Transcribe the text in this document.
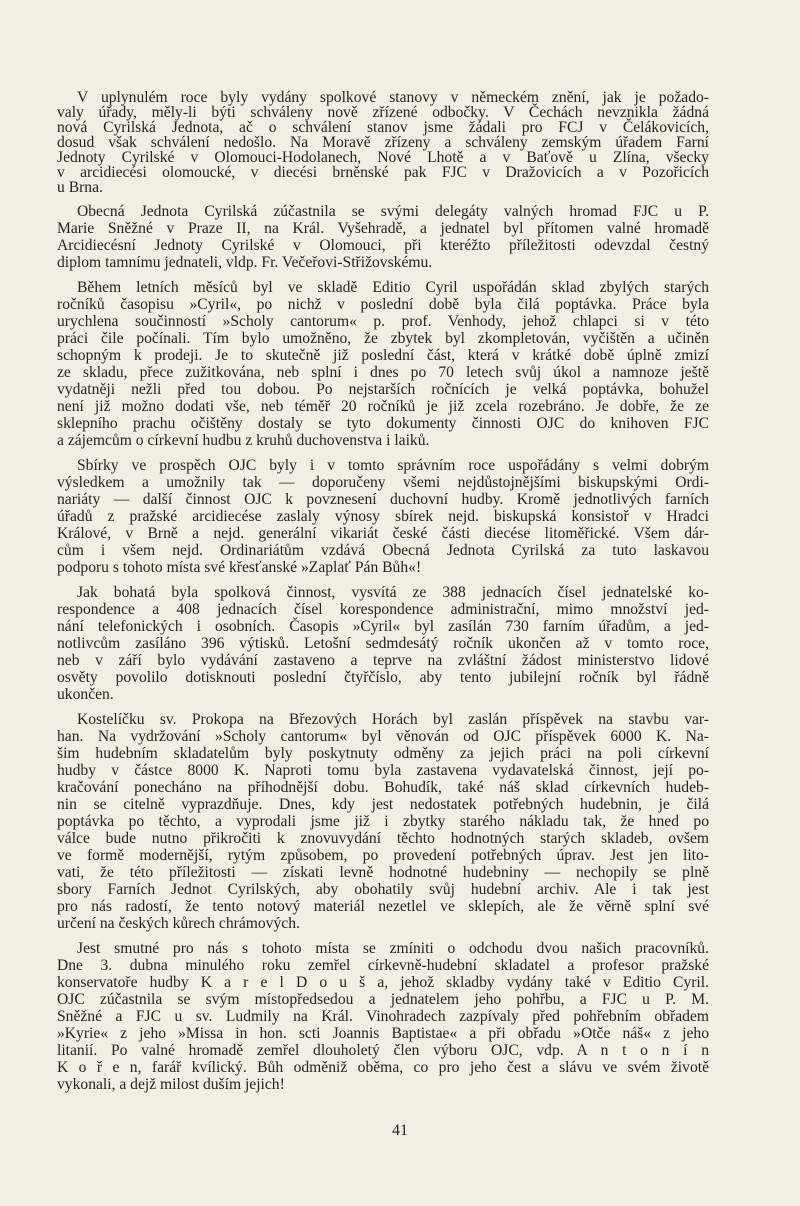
V uplynulém roce byly vydány spolkové stanovy v německém znění, jak je požado-
valy úřady, měly-li býti schváleny nově zřízené odbočky. V Čechách nevznikla žádná
nová Cyrilská Jednota, ač o schválení stanov jsme žádali pro FCJ v Čelákovicích,
dosud však schválení nedošlo. Na Moravě zřízeny a schváleny zemským úřadem Farní
Jednoty Cyrilské v Olomouci-Hodolanech, Nové Lhotě a v Baťově u Zlína, všecky
v arcidiecési olomoucké, v diecési brněnské pak FJC v Dražovicích a v Pozořicích
u Brna.
Obecná Jednota Cyrilská zúčastnila se svými delegáty valných hromad FJC u P.
Marie Sněžné v Praze II, na Král. Vyšehradě, a jednatel byl přítomen valné hromadě
Arcidiecésní Jednoty Cyrilské v Olomouci, při kteréžto příležitosti odevzdal čestný
diplom tamnímu jednateli, vldp. Fr. Večeřovi-Střižovskému.
Během letních měsíců byl ve skladě Editio Cyril uspořádán sklad zbylých starých
ročníků časopisu »Cyril«, po nichž v poslední době byla čilá poptávka. Práce byla
urychlena součinností »Scholy cantorum« p. prof. Venhody, jehož chlapci si v této
práci čile počínali. Tím bylo umožněno, že zbytek byl zkompletován, vyčištěn a učiněn
schopným k prodeji. Je to skutečně již poslední část, která v krátké době úplně zmizí
ze skladu, přece zužitkována, neb splní i dnes po 70 letech svůj úkol a namnoze ještě
vydatněji nežli před tou dobou. Po nejstarších ročnících je velká poptávka, bohužel
není již možno dodati vše, neb téměř 20 ročníků je již zcela rozebráno. Je dobře, že ze
sklepního prachu očištěny dostaly se tyto dokumenty činnosti OJC do knihoven FJC
a zájemcům o církevní hudbu z kruhů duchovenstva i laiků.
Sbírky ve prospěch OJC byly i v tomto správním roce uspořádány s velmi dobrým
výsledkem a umožnily tak — doporučeny všemi nejdůstojnějšími biskupskými Ordi-
nariáty — další činnost OJC k povznesení duchovní hudby. Kromě jednotlivých farních
úřadů z pražské arcidiecése zaslaly výnosy sbírek nejd. biskupská konsistoř v Hradci
Králové, v Brně a nejd. generální vikariát české části diecése litoměřické. Všem dár-
cům i všem nejd. Ordinariátům vzdává Obecná Jednota Cyrilská za tuto laskavou
podporu s tohoto místa své křesťanské »Zaplať Pán Bůh«!
Jak bohatá byla spolková činnost, vysvítá ze 388 jednacích čísel jednatelské ko-
respondence a 408 jednacích čísel korespondence administrační, mimo množství jed-
nání telefonických i osobních. Časopis »Cyril« byl zasílán 730 farním úřadům, a jed-
notlivcům zasíláno 396 výtisků. Letošní sedmdesátý ročník ukončen až v tomto roce,
neb v září bylo vydávání zastaveno a teprve na zvláštní žádost ministerstvo lidové
osvěty povolilo dotisknouti poslední čtyřčíslo, aby tento jubilejní ročník byl řádně
ukončen.
Kostelíčku sv. Prokopa na Březových Horách byl zaslán příspěvek na stavbu var-
han. Na vydržování »Scholy cantorum« byl věnován od OJC příspěvek 6000 K. Na-
šim hudebním skladatelům byly poskytnuty odměny za jejich práci na poli církevní
hudby v částce 8000 K. Naproti tomu byla zastavena vydavatelská činnost, její po-
kračování ponecháno na příhodnější dobu. Bohudík, také náš sklad církevních hudeb-
nin se citelně vyprazdňuje. Dnes, kdy jest nedostatek potřebných hudebnin, je čilá
poptávka po těchto, a vyprodali jsme již i zbytky starého nákladu tak, že hned po
válce bude nutno přikročiti k znovuvydání těchto hodnotných starých skladeb, ovšem
ve formě modernější, rytým způsobem, po provedení potřebných úprav. Jest jen lito-
vati, že této příležitosti — získati levně hodnotné hudebniny — nechopily se plně
sbory Farních Jednot Cyrilských, aby obohatily svůj hudební archiv. Ale i tak jest
pro nás radostí, že tento notový materiál nezetlel ve sklepích, ale že věrně splní své
určení na českých kůrech chrámových.
Jest smutné pro nás s tohoto místa se zmíniti o odchodu dvou našich pracovníků.
Dne 3. dubna minulého roku zemřel církevně-hudební skladatel a profesor pražské
konservatoře hudby K a r e l D o u š a, jehož skladby vydány také v Editio Cyril.
OJC zúčastnila se svým místopředsedou a jednatelem jeho pohřbu, a FJC u P. M.
Sněžné a FJC u sv. Ludmily na Král. Vinohradech zazpívaly před pohřebním obřadem
»Kyrie« z jeho »Missa in hon. scti Joannis Baptistae« a při obřadu »Otče náš« z jeho
litanií. Po valné hromadě zemřel dlouholetý člen výboru OJC, vdp. A n t o n í n
K o ř e n, farář kvílický. Bůh odměniž oběma, co pro jeho čest a slávu ve svém životě
vykonali, a dejž milost duším jejich!
41
